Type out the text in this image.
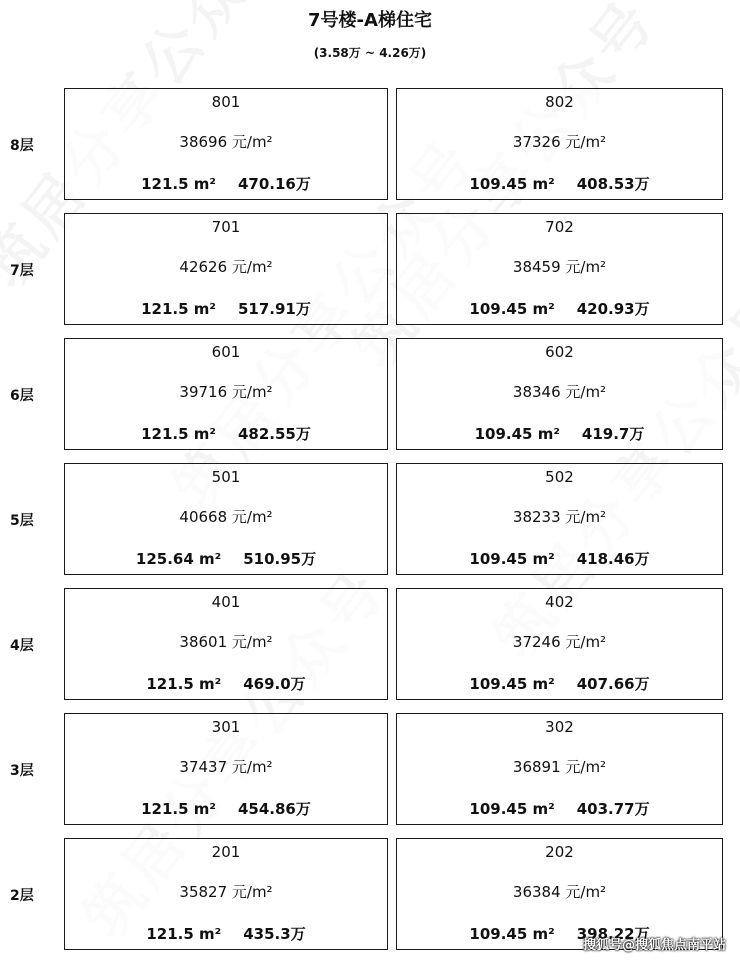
7号楼-A梯住宅
(3.58万 ~ 4.26万)
8层
801
38696 元/m²
121.5 m² 470.16万
802
37326 元/m²
109.45 m² 408.53万
7层
701
42626 元/m²
121.5 m² 517.91万
702
38459 元/m²
109.45 m² 420.93万
6层
601
39716 元/m²
121.5 m² 482.55万
602
38346 元/m²
109.45 m² 419.7万
5层
501
40668 元/m²
125.64 m² 510.95万
502
38233 元/m²
109.45 m² 418.46万
4层
401
38601 元/m²
121.5 m² 469.0万
402
37246 元/m²
109.45 m² 407.66万
3层
301
37437 元/m²
121.5 m² 454.86万
302
36891 元/m²
109.45 m² 403.77万
2层
201
35827 元/m²
121.5 m² 435.3万
202
36384 元/m²
109.45 m² 398.22万
搜狐号@搜狐焦点南平站
